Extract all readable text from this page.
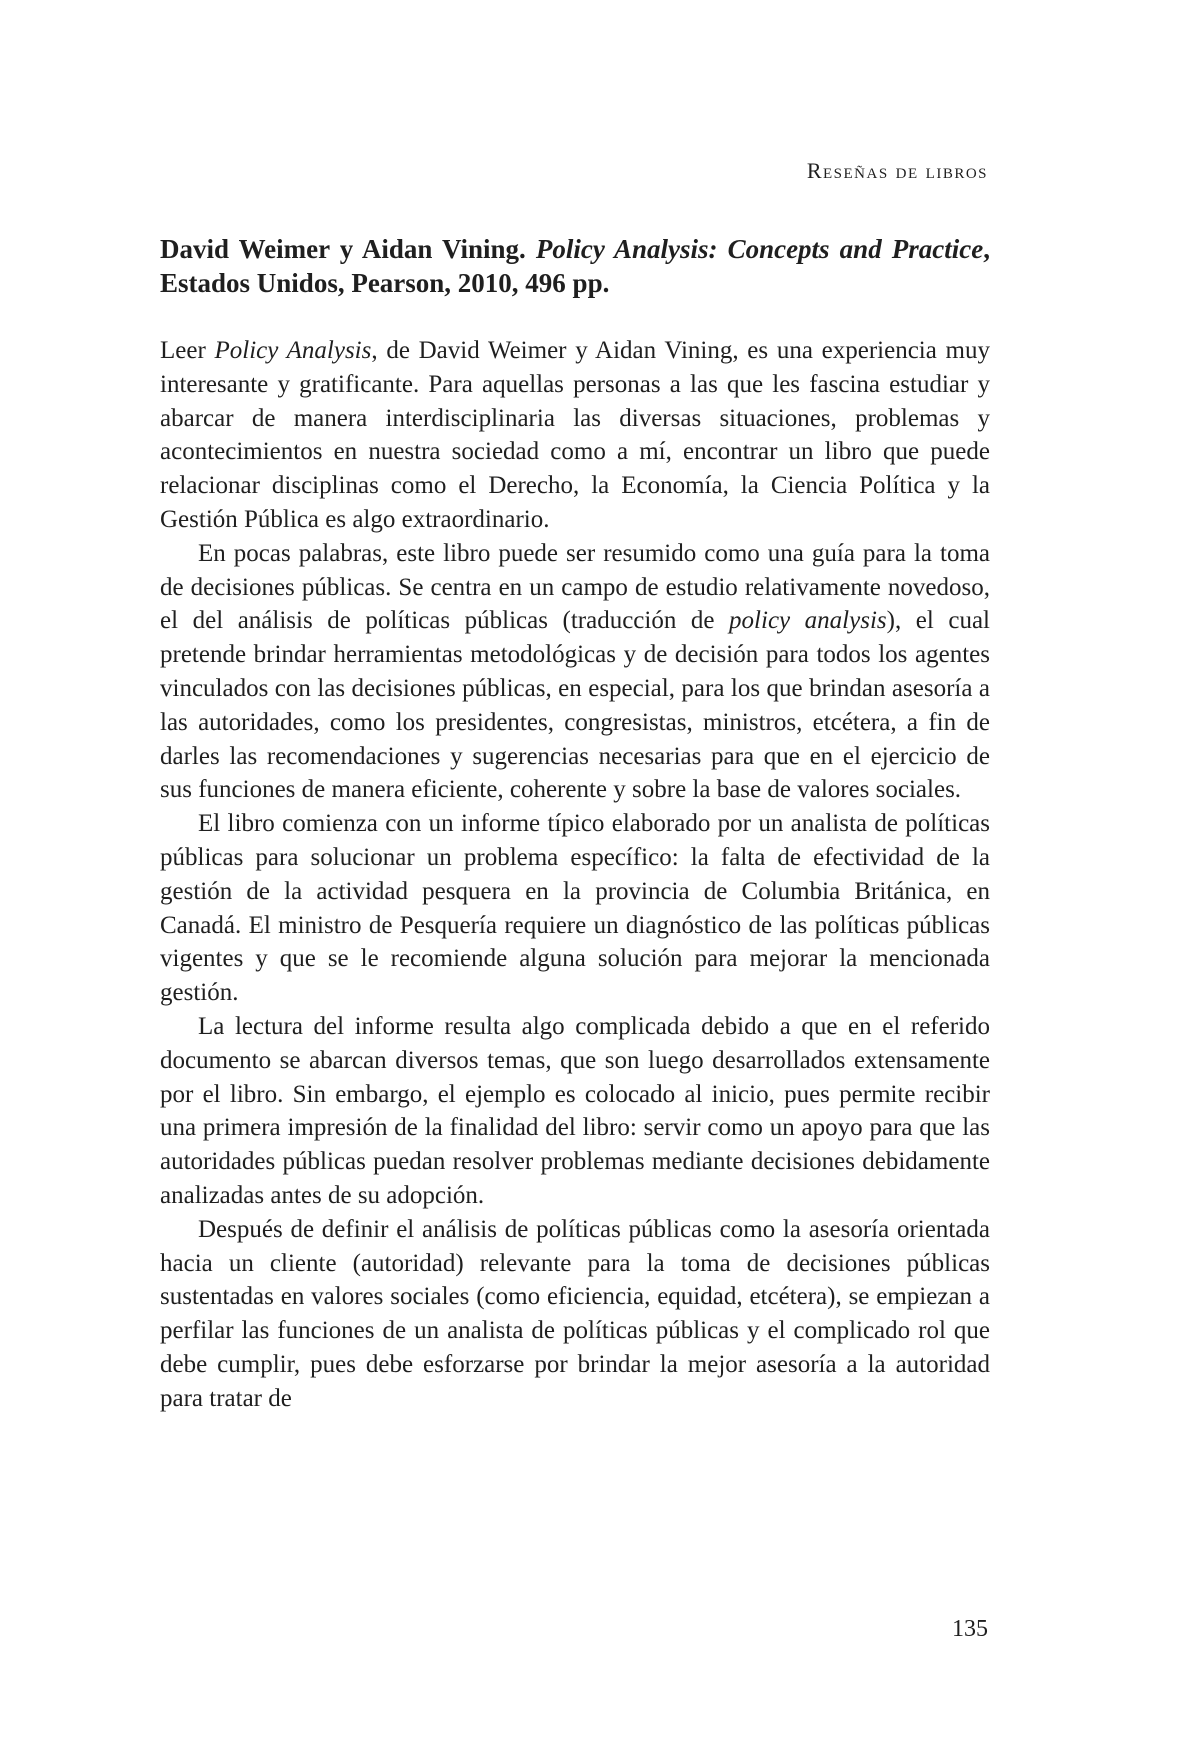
Reseñas de libros
David Weimer y Aidan Vining. Policy Analysis: Concepts and Practice, Estados Unidos, Pearson, 2010, 496 pp.

Leer Policy Analysis, de David Weimer y Aidan Vining, es una experiencia muy interesante y gratificante. Para aquellas personas a las que les fascina estudiar y abarcar de manera interdisciplinaria las diversas situaciones, problemas y acontecimientos en nuestra sociedad como a mí, encontrar un libro que puede relacionar disciplinas como el Derecho, la Economía, la Ciencia Política y la Gestión Pública es algo extraordinario.

En pocas palabras, este libro puede ser resumido como una guía para la toma de decisiones públicas. Se centra en un campo de estudio relativamente novedoso, el del análisis de políticas públicas (traducción de policy analysis), el cual pretende brindar herramientas metodológicas y de decisión para todos los agentes vinculados con las decisiones públicas, en especial, para los que brindan asesoría a las autoridades, como los presidentes, congresistas, ministros, etcétera, a fin de darles las recomendaciones y sugerencias necesarias para que en el ejercicio de sus funciones de manera eficiente, coherente y sobre la base de valores sociales.

El libro comienza con un informe típico elaborado por un analista de políticas públicas para solucionar un problema específico: la falta de efectividad de la gestión de la actividad pesquera en la provincia de Columbia Británica, en Canadá. El ministro de Pesquería requiere un diagnóstico de las políticas públicas vigentes y que se le recomiende alguna solución para mejorar la mencionada gestión.

La lectura del informe resulta algo complicada debido a que en el referido documento se abarcan diversos temas, que son luego desarrollados extensamente por el libro. Sin embargo, el ejemplo es colocado al inicio, pues permite recibir una primera impresión de la finalidad del libro: servir como un apoyo para que las autoridades públicas puedan resolver problemas mediante decisiones debidamente analizadas antes de su adopción.

Después de definir el análisis de políticas públicas como la asesoría orientada hacia un cliente (autoridad) relevante para la toma de decisiones públicas sustentadas en valores sociales (como eficiencia, equidad, etcétera), se empiezan a perfilar las funciones de un analista de políticas públicas y el complicado rol que debe cumplir, pues debe esforzarse por brindar la mejor asesoría a la autoridad para tratar de

135
